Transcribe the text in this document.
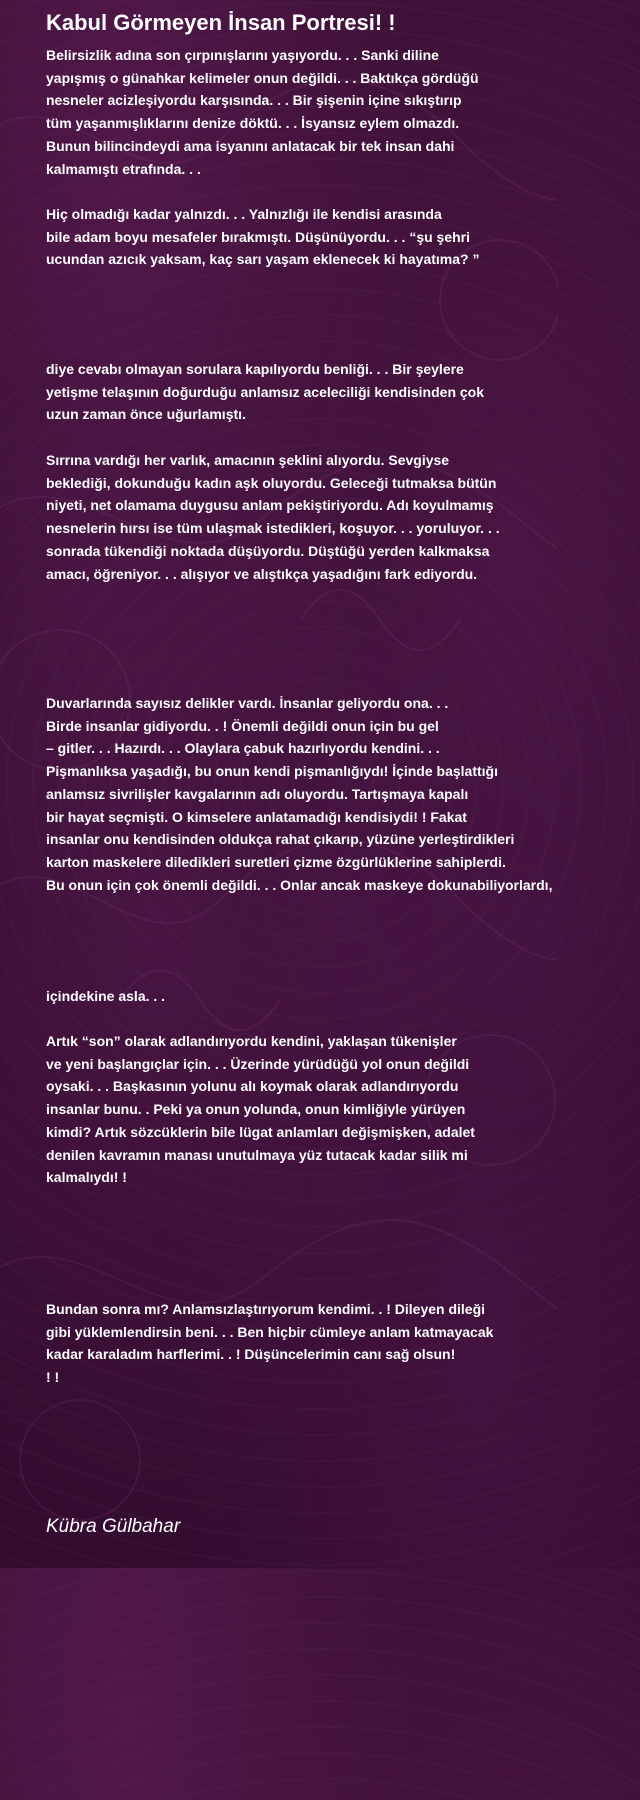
Kabul Görmeyen İnsan Portresi! !
Belirsizlik adına son çırpınışlarını yaşıyordu. . . Sanki diline
yapışmış o günahkar kelimeler onun değildi. . . Baktıkça gördüğü
nesneler acizleşiyordu karşısında. . . Bir şişenin içine sıkıştırıp
tüm yaşanmışlıklarını denize döktü. . . İsyansız eylem olmazdı.
Bunun bilincindeydi ama isyanını anlatacak bir tek insan dahi
kalmamıştı etrafında. . .
Hiç olmadığı kadar yalnızdı. . . Yalnızlığı ile kendisi arasında
bile adam boyu mesafeler bırakmıştı. Düşünüyordu. . . “şu şehri
ucundan azıcık yaksam, kaç sarı yaşam eklenecek ki hayatıma? ”
diye cevabı olmayan sorulara kapılıyordu benliği. . . Bir şeylere
yetişme telaşının doğurduğu anlamsız aceleciliği kendisinden çok
uzun zaman önce uğurlamıştı.
Sırrına vardığı her varlık, amacının şeklini alıyordu. Sevgiyse
beklediği, dokunduğu kadın aşk oluyordu. Geleceği tutmaksa bütün
niyeti, net olamama duygusu anlam pekiştiriyordu. Adı koyulmamış
nesnelerin hırsı ise tüm ulaşmak istedikleri, koşuyor. . . yoruluyor. . .
sonrada tükendiği noktada düşüyordu. Düştüğü yerden kalkmaksa
amacı, öğreniyor. . . alışıyor ve alıştıkça yaşadığını fark ediyordu.
Duvarlarında sayısız delikler vardı. İnsanlar geliyordu ona. . .
Birde insanlar gidiyordu. . ! Önemli değildi onun için bu gel
– gitler. . . Hazırdı. . . Olaylara çabuk hazırlıyordu kendini. . .
Pişmanlıksa yaşadığı, bu onun kendi pişmanlığıydı! İçinde başlattığı
anlamsız sivrilişler kavgalarının adı oluyordu. Tartışmaya kapalı
bir hayat seçmişti. O kimselere anlatamadığı kendisiydi! ! Fakat
insanlar onu kendisinden oldukça rahat çıkarıp, yüzüne yerleştirdikleri
karton maskelere diledikleri suretleri çizme özgürlüklerine sahiplerdi.
Bu onun için çok önemli değildi. . . Onlar ancak maskeye dokunabiliyorlardı,
içindekine asla. . .
Artık “son” olarak adlandırıyordu kendini, yaklaşan tükenişler
ve yeni başlangıçlar için. . . Üzerinde yürüdüğü yol onun değildi
oysaki. . . Başkasının yolunu alı koymak olarak adlandırıyordu
insanlar bunu. . Peki ya onun yolunda, onun kimliğiyle yürüyen
kimdi? Artık sözcüklerin bile lügat anlamları değişmişken, adalet
denilen kavramın manası unutulmaya yüz tutacak kadar silik mi
kalmalıydı! !
Bundan sonra mı? Anlamsızlaştırıyorum kendimi. . ! Dileyen dileği
gibi yüklemlendirsin beni. . . Ben hiçbir cümleye anlam katmayacak
kadar karaladım harflerimi. . ! Düşüncelerimin canı sağ olsun!
! !
Kübra Gülbahar
